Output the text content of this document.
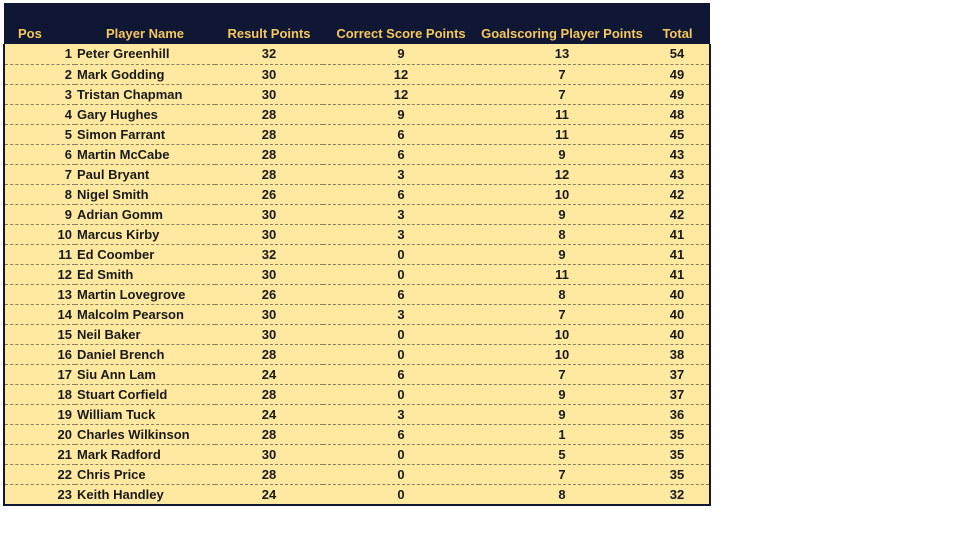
Pos	Player Name	Result Points	Correct Score Points	Goalscoring Player Points	Total
1	Peter Greenhill	32	9	13	54
2	Mark Godding	30	12	7	49
3	Tristan Chapman	30	12	7	49
4	Gary Hughes	28	9	11	48
5	Simon Farrant	28	6	11	45
6	Martin McCabe	28	6	9	43
7	Paul Bryant	28	3	12	43
8	Nigel Smith	26	6	10	42
9	Adrian Gomm	30	3	9	42
10	Marcus Kirby	30	3	8	41
11	Ed Coomber	32	0	9	41
12	Ed Smith	30	0	11	41
13	Martin Lovegrove	26	6	8	40
14	Malcolm Pearson	30	3	7	40
15	Neil Baker	30	0	10	40
16	Daniel Brench	28	0	10	38
17	Siu Ann Lam	24	6	7	37
18	Stuart Corfield	28	0	9	37
19	William Tuck	24	3	9	36
20	Charles Wilkinson	28	6	1	35
21	Mark Radford	30	0	5	35
22	Chris Price	28	0	7	35
23	Keith Handley	24	0	8	32
